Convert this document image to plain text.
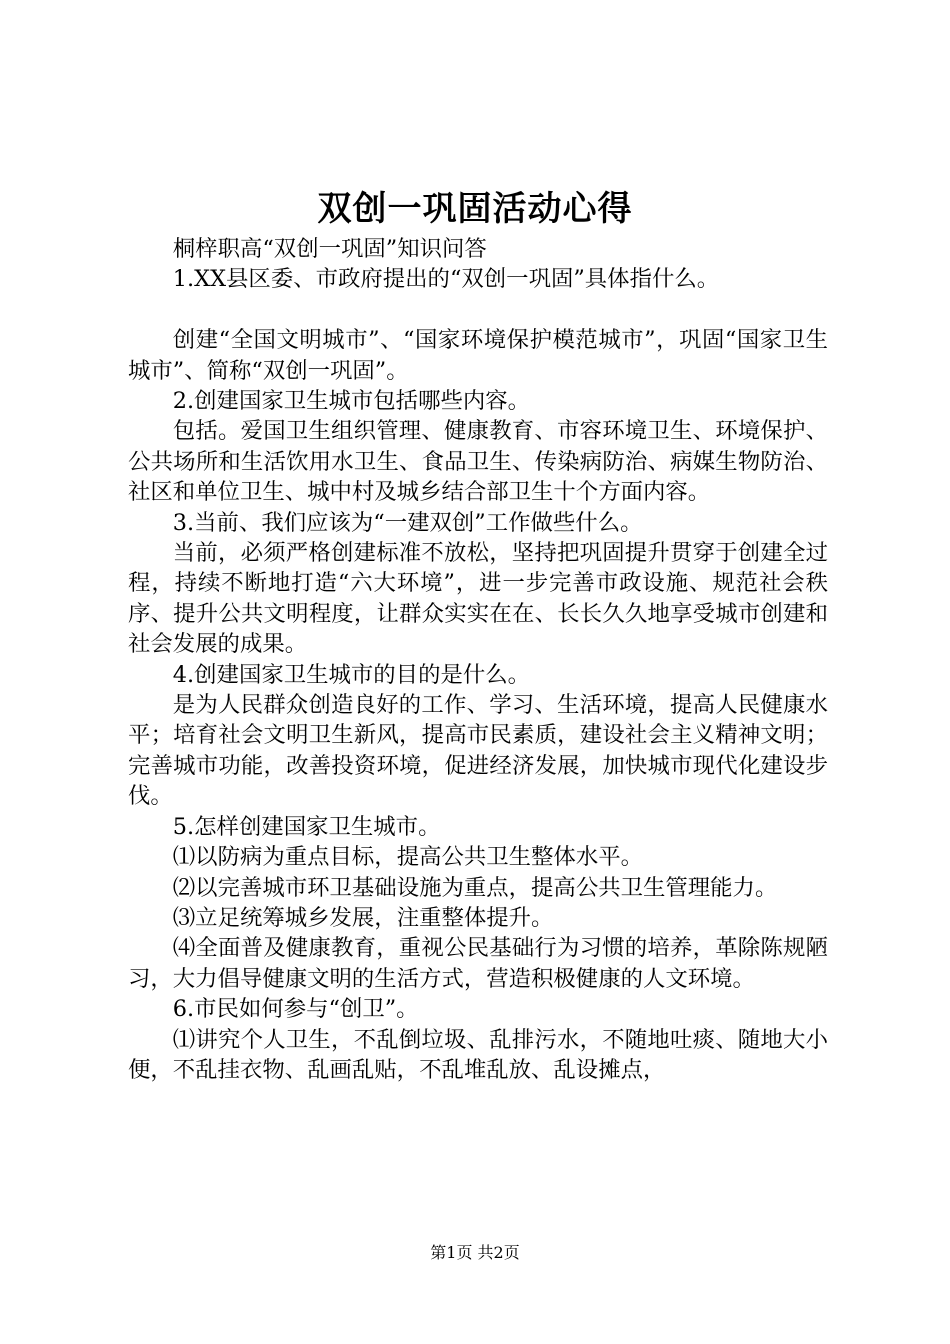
双创一巩固活动心得

桐梓职高“双创一巩固”知识问答

1.XX县区委、市政府提出的“双创一巩固”具体指什么。

创建“全国文明城市”、“国家环境保护模范城市”，巩固“国家卫生城市”、简称“双创一巩固”。

2.创建国家卫生城市包括哪些内容。

包括。爱国卫生组织管理、健康教育、市容环境卫生、环境保护、公共场所和生活饮用水卫生、食品卫生、传染病防治、病媒生物防治、社区和单位卫生、城中村及城乡结合部卫生十个方面内容。

3.当前、我们应该为“一建双创”工作做些什么。

当前，必须严格创建标准不放松，坚持把巩固提升贯穿于创建全过程，持续不断地打造“六大环境”，进一步完善市政设施、规范社会秩序、提升公共文明程度，让群众实实在在、长长久久地享受城市创建和社会发展的成果。

4.创建国家卫生城市的目的是什么。

是为人民群众创造良好的工作、学习、生活环境，提高人民健康水平；培育社会文明卫生新风，提高市民素质，建设社会主义精神文明；完善城市功能，改善投资环境，促进经济发展，加快城市现代化建设步伐。

5.怎样创建国家卫生城市。

⑴以防病为重点目标，提高公共卫生整体水平。

⑵以完善城市环卫基础设施为重点，提高公共卫生管理能力。

⑶立足统筹城乡发展，注重整体提升。

⑷全面普及健康教育，重视公民基础行为习惯的培养，革除陈规陋习，大力倡导健康文明的生活方式，营造积极健康的人文环境。

6.市民如何参与“创卫”。

⑴讲究个人卫生，不乱倒垃圾、乱排污水，不随地吐痰、随地大小便，不乱挂衣物、乱画乱贴，不乱堆乱放、乱设摊点，

第1页 共2页
